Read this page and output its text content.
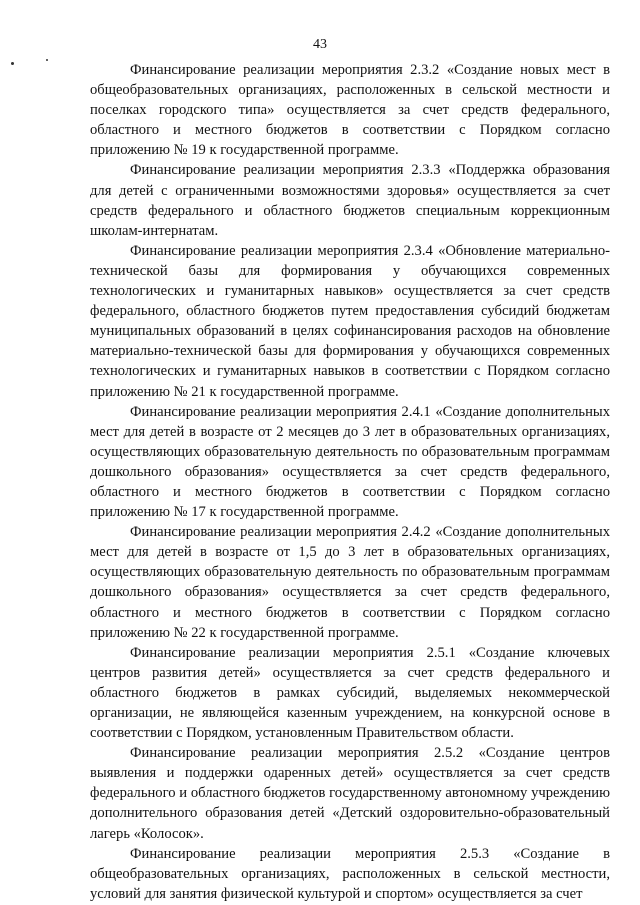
43

Финансирование реализации мероприятия 2.3.2 «Создание новых мест в общеобразовательных организациях, расположенных в сельской местности и поселках городского типа» осуществляется за счет средств федерального, областного и местного бюджетов в соответствии с Порядком согласно приложению № 19 к государственной программе.

Финансирование реализации мероприятия 2.3.3 «Поддержка образования для детей с ограниченными возможностями здоровья» осуществляется за счет средств федерального и областного бюджетов специальным коррекционным школам-интернатам.

Финансирование реализации мероприятия 2.3.4 «Обновление материально-технической базы для формирования у обучающихся современных технологических и гуманитарных навыков» осуществляется за счет средств федерального, областного бюджетов путем предоставления субсидий бюджетам муниципальных образований в целях софинансирования расходов на обновление материально-технической базы для формирования у обучающихся современных технологических и гуманитарных навыков в соответствии с Порядком согласно приложению № 21 к государственной программе.

Финансирование реализации мероприятия 2.4.1 «Создание дополнительных мест для детей в возрасте от 2 месяцев до 3 лет в образовательных организациях, осуществляющих образовательную деятельность по образовательным программам дошкольного образования» осуществляется за счет средств федерального, областного и местного бюджетов в соответствии с Порядком согласно приложению № 17 к государственной программе.

Финансирование реализации мероприятия 2.4.2 «Создание дополнительных мест для детей в возрасте от 1,5 до 3 лет в образовательных организациях, осуществляющих образовательную деятельность по образовательным программам дошкольного образования» осуществляется за счет средств федерального, областного и местного бюджетов в соответствии с Порядком согласно приложению № 22 к государственной программе.

Финансирование реализации мероприятия 2.5.1 «Создание ключевых центров развития детей» осуществляется за счет средств федерального и областного бюджетов в рамках субсидий, выделяемых некоммерческой организации, не являющейся казенным учреждением, на конкурсной основе в соответствии с Порядком, установленным Правительством области.

Финансирование реализации мероприятия 2.5.2 «Создание центров выявления и поддержки одаренных детей» осуществляется за счет средств федерального и областного бюджетов государственному автономному учреждению дополнительного образования детей «Детский оздоровительно-образовательный лагерь «Колосок».

Финансирование реализации мероприятия 2.5.3 «Создание в общеобразовательных организациях, расположенных в сельской местности, условий для занятия физической культурой и спортом» осуществляется за счет
